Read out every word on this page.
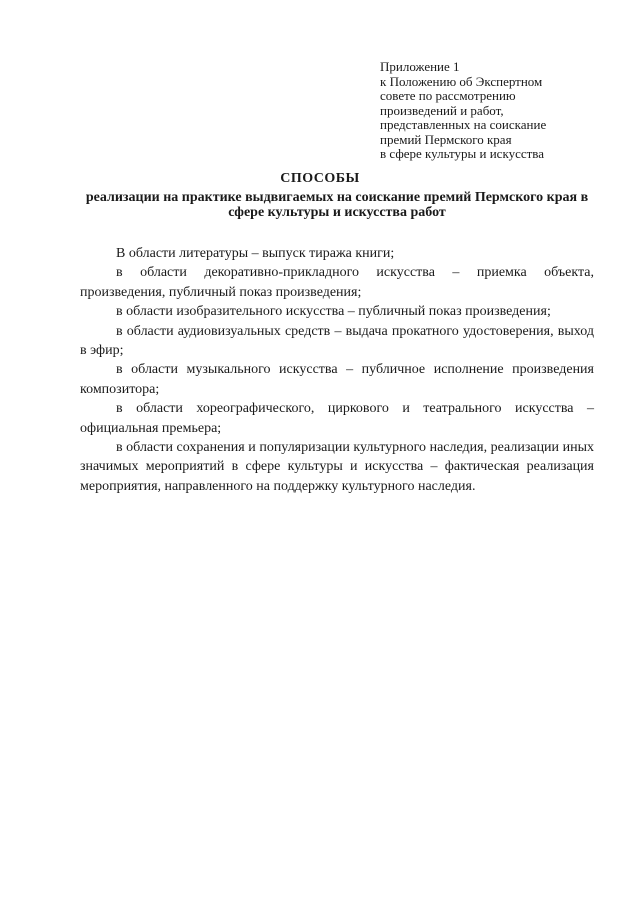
Приложение 1
к Положению об Экспертном
совете по рассмотрению
произведений и работ,
представленных на соискание
премий Пермского края
в сфере культуры и искусства
СПОСОБЫ
реализации на практике выдвигаемых на соискание премий Пермского края в сфере культуры и искусства работ

В области литературы – выпуск тиража книги;

в области декоративно-прикладного искусства – приемка объекта, произведения, публичный показ произведения;

в области изобразительного искусства – публичный показ произведения;

в области аудиовизуальных средств – выдача прокатного удостоверения, выход в эфир;

в области музыкального искусства – публичное исполнение произведения композитора;

в области хореографического, циркового и театрального искусства – официальная премьера;

в области сохранения и популяризации культурного наследия, реализации иных значимых мероприятий в сфере культуры и искусства – фактическая реализация мероприятия, направленного на поддержку культурного наследия.
